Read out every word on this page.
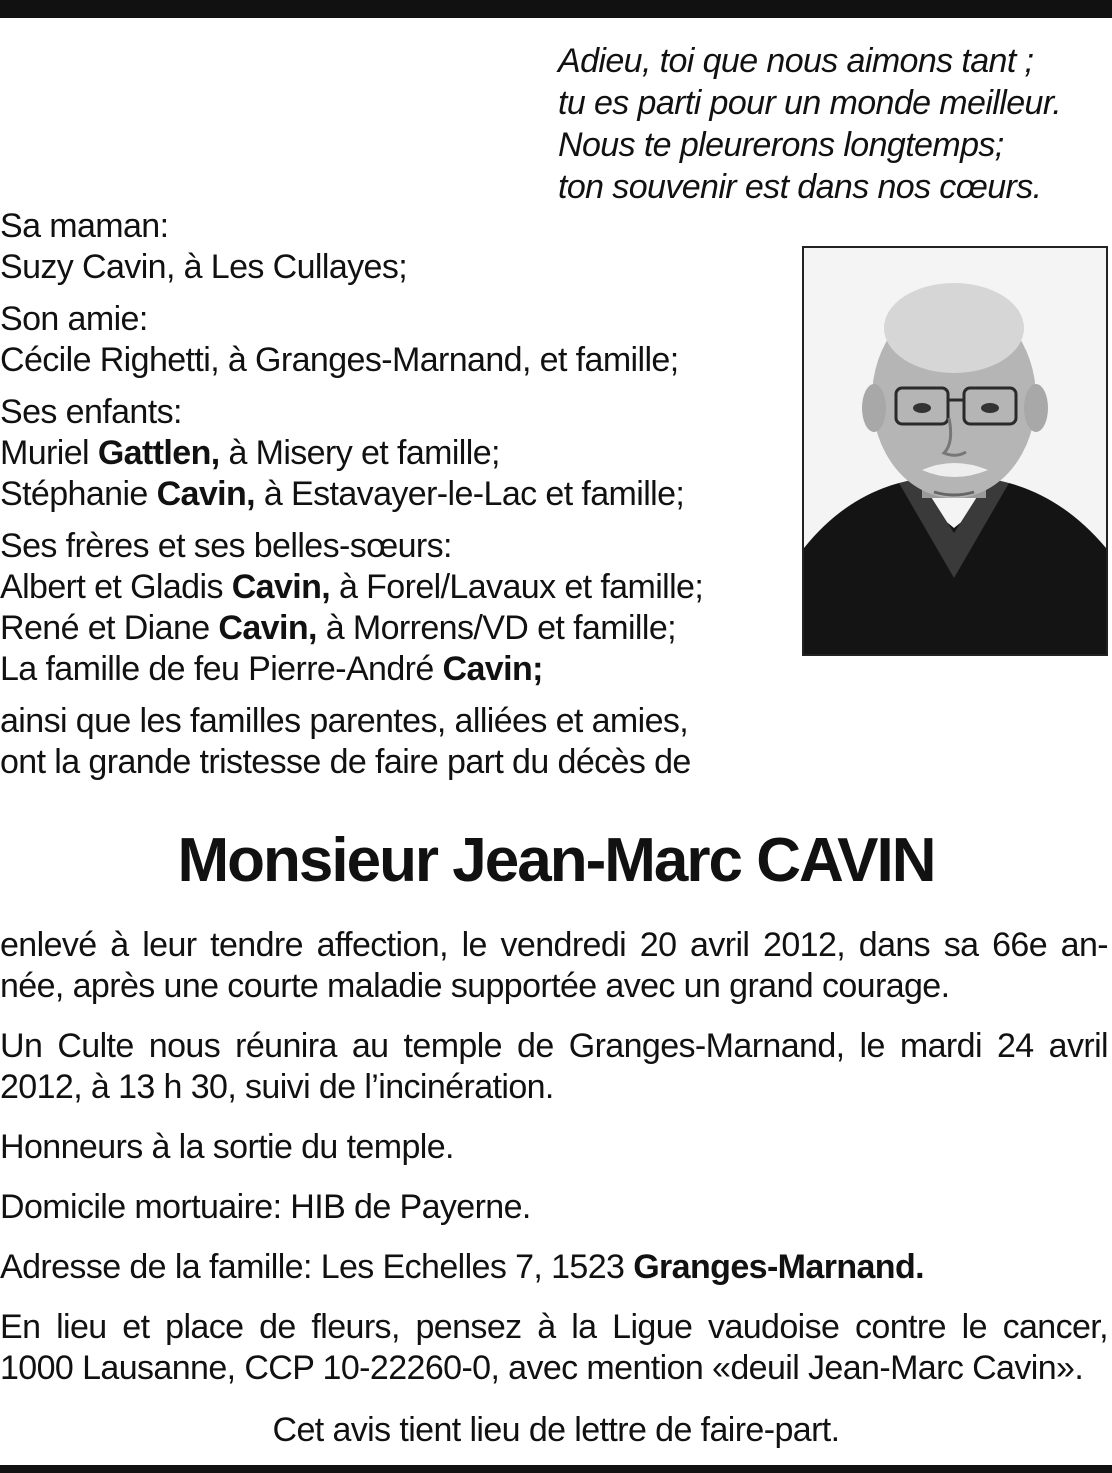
Adieu, toi que nous aimons tant ;
tu es parti pour un monde meilleur.
Nous te pleurerons longtemps;
ton souvenir est dans nos cœurs.
Sa maman:
Suzy Cavin, à Les Cullayes;
Son amie:
Cécile Righetti, à Granges-Marnand, et famille;
Ses enfants:
Muriel Gattlen, à Misery et famille;
Stéphanie Cavin, à Estavayer-le-Lac et famille;
Ses frères et ses belles-sœurs:
Albert et Gladis Cavin, à Forel/Lavaux et famille;
René et Diane Cavin, à Morrens/VD et famille;
La famille de feu Pierre-André Cavin;
ainsi que les familles parentes, alliées et amies,
ont la grande tristesse de faire part du décès de
Monsieur Jean-Marc CAVIN
enlevé à leur tendre affection, le vendredi 20 avril 2012, dans sa 66e an-
née, après une courte maladie supportée avec un grand courage.
Un Culte nous réunira au temple de Granges-Marnand, le mardi 24 avril
2012, à 13 h 30, suivi de l’incinération.
Honneurs à la sortie du temple.
Domicile mortuaire: HIB de Payerne.
Adresse de la famille: Les Echelles 7, 1523 Granges-Marnand.
En lieu et place de fleurs, pensez à la Ligue vaudoise contre le cancer,
1000 Lausanne, CCP 10-22260-0, avec mention «deuil Jean-Marc Cavin».
Cet avis tient lieu de lettre de faire-part.
